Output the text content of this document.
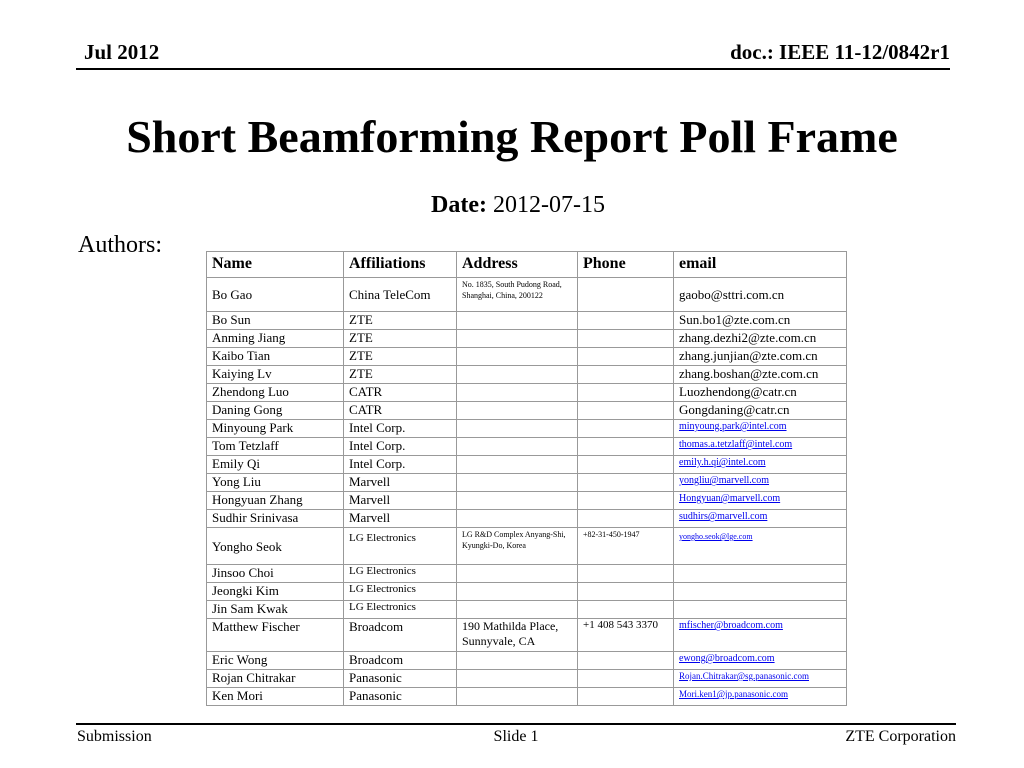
Jul 2012	doc.: IEEE 11-12/0842r1
Short Beamforming Report Poll Frame
Date: 2012-07-15
Authors:
Name	Affiliations	Address	Phone	email
Bo Gao	China TeleCom	No. 1835, South Pudong Road, Shanghai, China, 200122		gaobo@sttri.com.cn
Bo Sun	ZTE			Sun.bo1@zte.com.cn
Anming Jiang	ZTE			zhang.dezhi2@zte.com.cn
Kaibo Tian	ZTE			zhang.junjian@zte.com.cn
Kaiying Lv	ZTE			zhang.boshan@zte.com.cn
Zhendong Luo	CATR			Luozhendong@catr.cn
Daning Gong	CATR			Gongdaning@catr.cn
Minyoung Park	Intel Corp.			minyoung.park@intel.com
Tom Tetzlaff	Intel Corp.			thomas.a.tetzlaff@intel.com
Emily Qi	Intel Corp.			emily.h.qi@intel.com
Yong Liu	Marvell			yongliu@marvell.com
Hongyuan Zhang	Marvell			Hongyuan@marvell.com
Sudhir Srinivasa	Marvell			sudhirs@marvell.com
Yongho Seok	LG Electronics	LG R&D Complex Anyang-Shi, Kyungki-Do, Korea	+82-31-450-1947	yongho.seok@lge.com
Jinsoo Choi	LG Electronics			
Jeongki Kim	LG Electronics			
Jin Sam Kwak	LG Electronics			
Matthew Fischer	Broadcom	190 Mathilda Place, Sunnyvale, CA	+1 408 543 3370	mfischer@broadcom.com
Eric Wong	Broadcom			ewong@broadcom.com
Rojan Chitrakar	Panasonic			Rojan.Chitrakar@sg.panasonic.com
Ken Mori	Panasonic			Mori.ken1@jp.panasonic.com
Submission	Slide 1	ZTE Corporation
